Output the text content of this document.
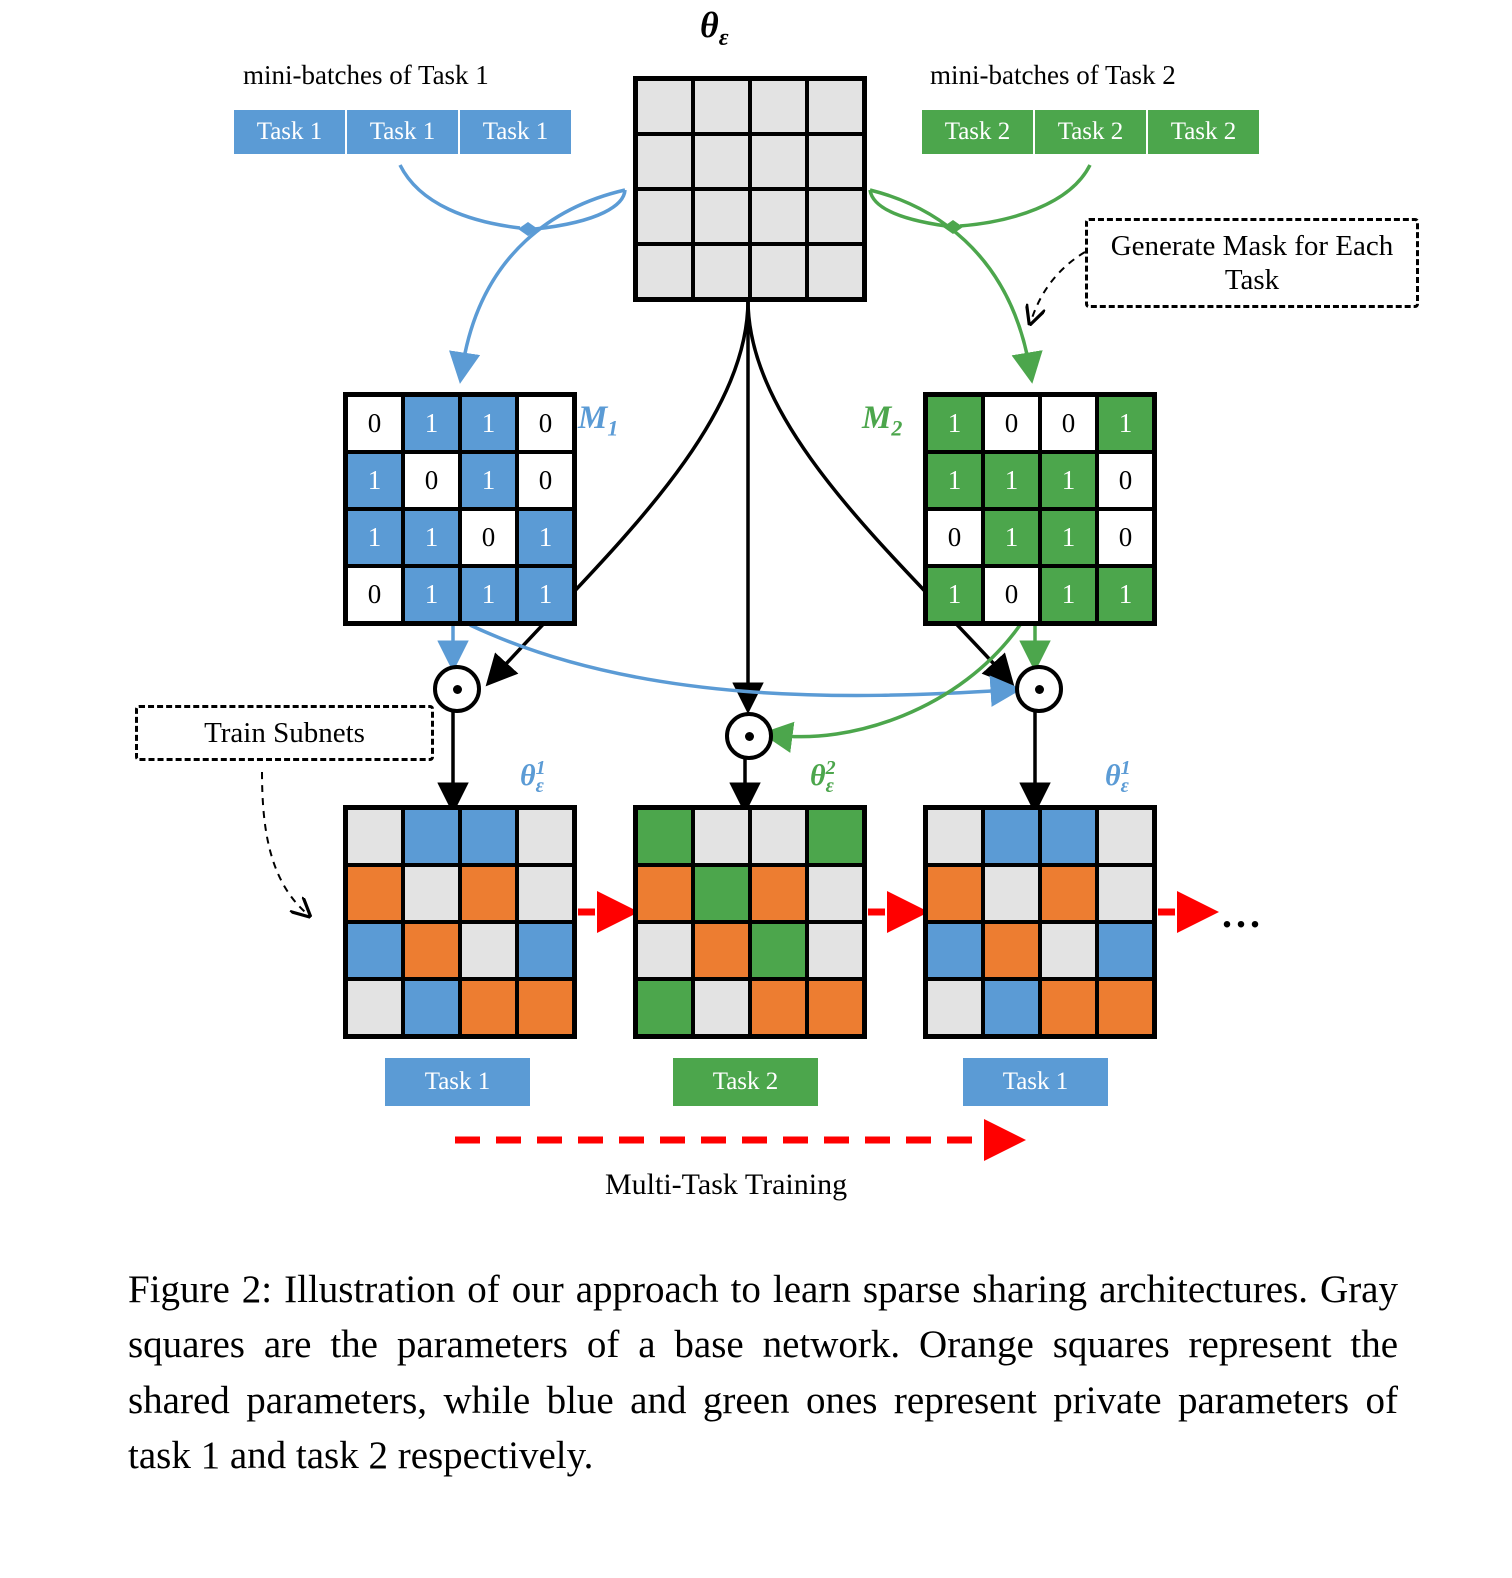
$\theta_\varepsilon$
mini-batches of Task 1	mini-batches of Task 2
Task 1	Task 1	Task 1	Task 2	Task 2	Task 2
0	1	1	0
1	0	1	0
1	1	0	1
0	1	1	1
1	0	0	1
1	1	1	0
0	1	1	0
1	0	1	1
$M_1$	$M_2$
Generate Mask for Each Task
Train Subnets
$\theta^1_\varepsilon$	$\theta^2_\varepsilon$	$\theta^1_\varepsilon$
Task 1	Task 2	Task 1
...
Multi-Task Training
Figure 2: Illustration of our approach to learn sparse sharing architectures. Gray squares are the parameters of a base network. Orange squares represent the shared parameters, while blue and green ones represent private parameters of task 1 and task 2 respectively.
